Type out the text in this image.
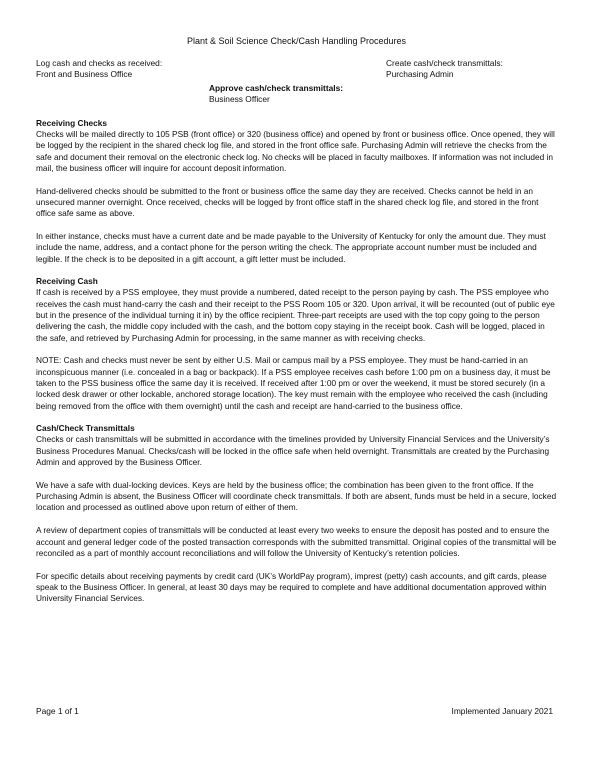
Plant & Soil Science Check/Cash Handling Procedures
Log cash and checks as received:
Front and Business Office
Create cash/check transmittals:
Purchasing Admin
Approve cash/check transmittals:
Business Officer

Receiving Checks

Checks will be mailed directly to 105 PSB (front office) or 320 (business office) and opened by front or business office. Once opened, they will be logged by the recipient in the shared check log file, and stored in the front office safe. Purchasing Admin will retrieve the checks from the safe and document their removal on the electronic check log. No checks will be placed in faculty mailboxes. If information was not included in mail, the business officer will inquire for account deposit information.

Hand-delivered checks should be submitted to the front or business office the same day they are received. Checks cannot be held in an unsecured manner overnight. Once received, checks will be logged by front office staff in the shared check log file, and stored in the front office safe same as above.

In either instance, checks must have a current date and be made payable to the University of Kentucky for only the amount due. They must include the name, address, and a contact phone for the person writing the check. The appropriate account number must be included and legible. If the check is to be deposited in a gift account, a gift letter must be included.

Receiving Cash

If cash is received by a PSS employee, they must provide a numbered, dated receipt to the person paying by cash. The PSS employee who receives the cash must hand-carry the cash and their receipt to the PSS Room 105 or 320. Upon arrival, it will be recounted (out of public eye but in the presence of the individual turning it in) by the office recipient. Three-part receipts are used with the top copy going to the person delivering the cash, the middle copy included with the cash, and the bottom copy staying in the receipt book. Cash will be logged, placed in the safe, and retrieved by Purchasing Admin for processing, in the same manner as with receiving checks.

NOTE: Cash and checks must never be sent by either U.S. Mail or campus mail by a PSS employee. They must be hand-carried in an inconspicuous manner (i.e. concealed in a bag or backpack). If a PSS employee receives cash before 1:00 pm on a business day, it must be taken to the PSS business office the same day it is received. If received after 1:00 pm or over the weekend, it must be stored securely (in a locked desk drawer or other lockable, anchored storage location). The key must remain with the employee who received the cash (including being removed from the office with them overnight) until the cash and receipt are hand-carried to the business office.

Cash/Check Transmittals

Checks or cash transmittals will be submitted in accordance with the timelines provided by University Financial Services and the University’s Business Procedures Manual. Checks/cash will be locked in the office safe when held overnight. Transmittals are created by the Purchasing Admin and approved by the Business Officer.

We have a safe with dual-locking devices. Keys are held by the business office; the combination has been given to the front office. If the Purchasing Admin is absent, the Business Officer will coordinate check transmittals. If both are absent, funds must be held in a secure, locked location and processed as outlined above upon return of either of them.

A review of department copies of transmittals will be conducted at least every two weeks to ensure the deposit has posted and to ensure the account and general ledger code of the posted transaction corresponds with the submitted transmittal. Original copies of the transmittal will be reconciled as a part of monthly account reconciliations and will follow the University of Kentucky’s retention policies.

For specific details about receiving payments by credit card (UK’s WorldPay program), imprest (petty) cash accounts, and gift cards, please speak to the Business Officer. In general, at least 30 days may be required to complete and have additional documentation approved within University Financial Services.

Page 1 of 1	Implemented January 2021
